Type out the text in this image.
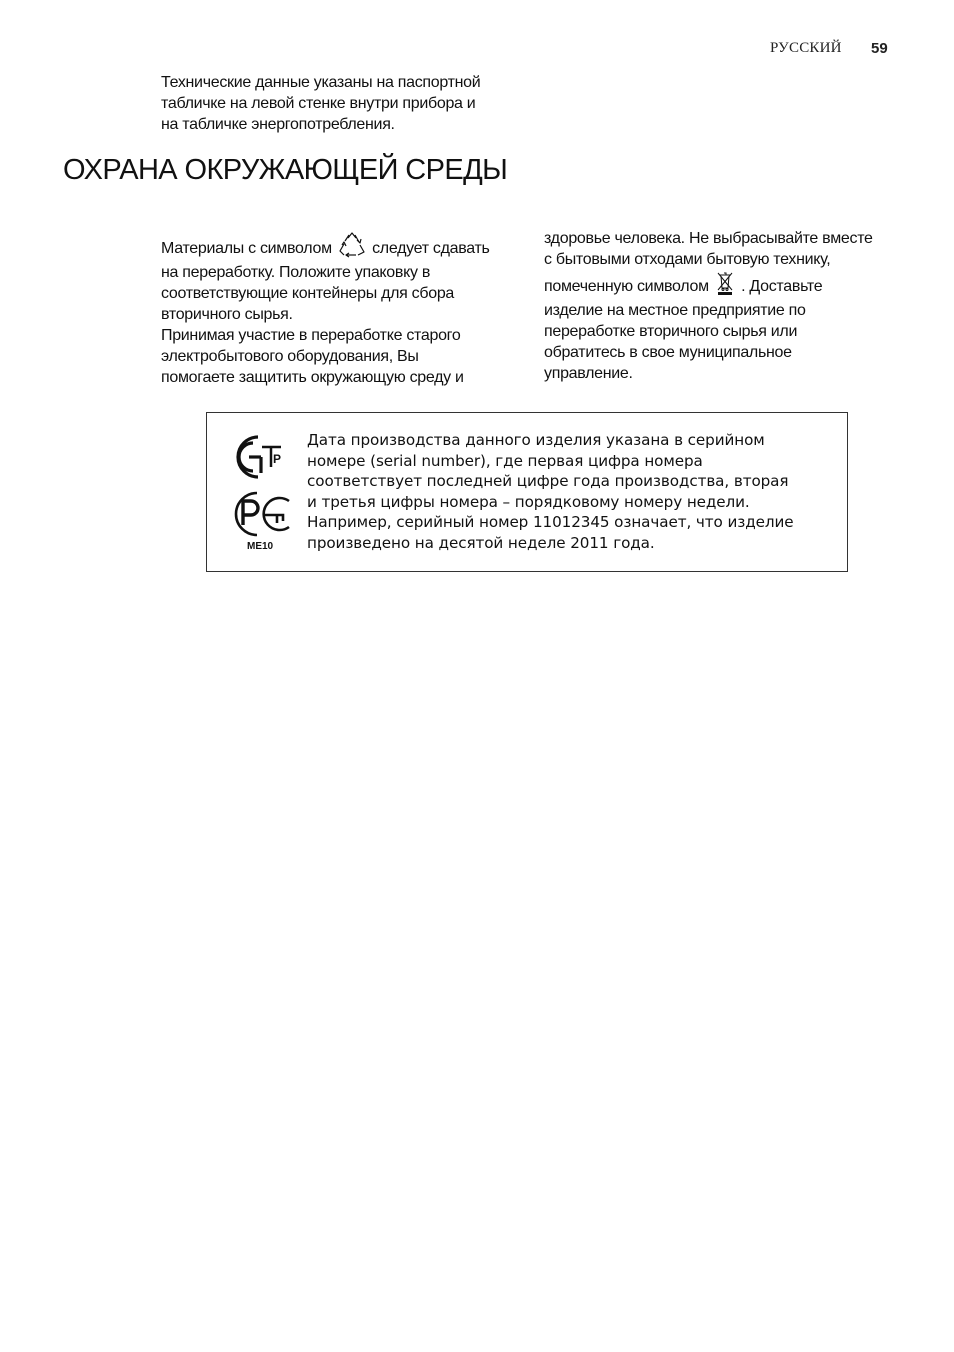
РУССКИЙ 59
Технические данные указаны на паспортной
табличке на левой стенке внутри прибора и
на табличке энергопотребления.
ОХРАНА ОКРУЖАЮЩЕЙ СРЕДЫ
Материалы с символом	следует сдавать
на переработку. Положите упаковку в
соответствующие контейнеры для сбора
вторичного сырья.
Принимая участие в переработке старого
электробытового оборудования, Вы
помогаете защитить окружающую среду и
здоровье человека. Не выбрасывайте вместе
с бытовыми отходами бытовую технику,
помеченную символом . Доставьте
изделие на местное предприятие по
переработке вторичного сырья или
обратитесь в свое муниципальное
управление.
Р
ME10
Дата производства данного изделия указана в серийном
номере (serial number), где первая цифра номера
соответствует последней цифре года производства, вторая
и третья цифры номера – порядковому номеру недели.
Например, серийный номер 11012345 означает, что изделие
произведено на десятой неделе 2011 года.
